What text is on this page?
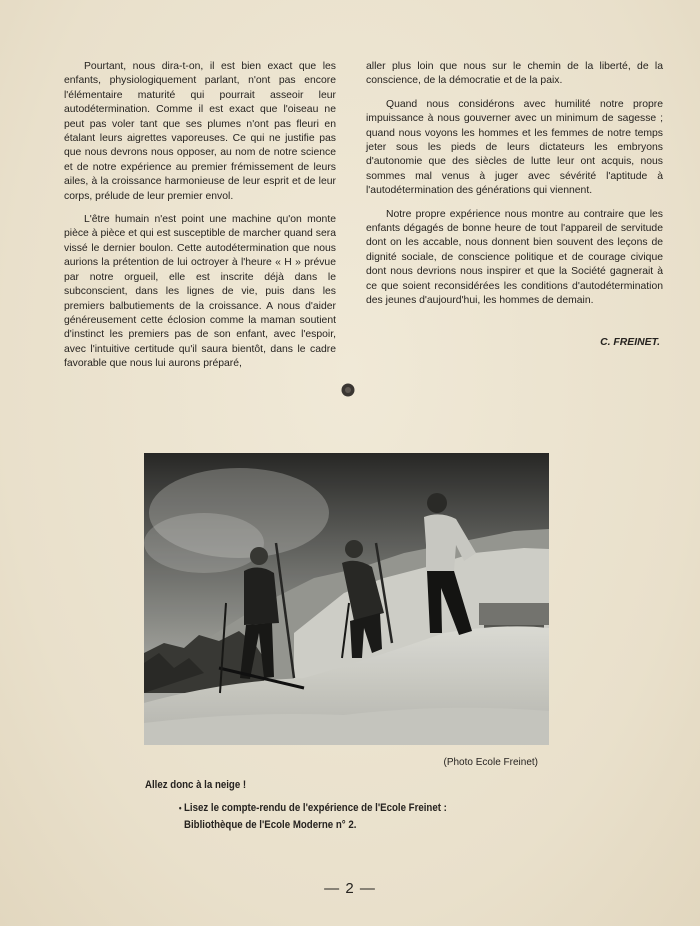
Pourtant, nous dira-t-on, il est bien exact que les enfants, physiologiquement parlant, n'ont pas encore l'élémentaire maturité qui pourrait asseoir leur autodétermination. Comme il est exact que l'oiseau ne peut pas voler tant que ses plumes n'ont pas fleuri en étalant leurs aigrettes vaporeuses. Ce qui ne justifie pas que nous devrons nous opposer, au nom de notre science et de notre expérience au premier frémissement de leurs ailes, à la croissance harmonieuse de leur esprit et de leur corps, prélude de leur premier envol.

L'être humain n'est point une machine qu'on monte pièce à pièce et qui est susceptible de marcher quand sera vissé le dernier boulon. Cette autodétermination que nous aurions la prétention de lui octroyer à l'heure « H » prévue par notre orgueil, elle est inscrite déjà dans le subconscient, dans les lignes de vie, puis dans les premiers balbutiements de la croissance. A nous d'aider généreusement cette éclosion comme la maman soutient d'instinct les premiers pas de son enfant, avec l'espoir, avec l'intuitive certitude qu'il saura bientôt, dans le cadre favorable que nous lui aurons préparé,

aller plus loin que nous sur le chemin de la liberté, de la conscience, de la démocratie et de la paix.

Quand nous considérons avec humilité notre propre impuissance à nous gouverner avec un minimum de sagesse ; quand nous voyons les hommes et les femmes de notre temps jeter sous les pieds de leurs dictateurs les embryons d'autonomie que des siècles de lutte leur ont acquis, nous sommes mal venus à juger avec sévérité l'aptitude à l'autodétermination des générations qui viennent.

Notre propre expérience nous montre au contraire que les enfants dégagés de bonne heure de tout l'appareil de servitude dont on les accable, nous donnent bien souvent des leçons de dignité sociale, de conscience politique et de courage civique dont nous devrions nous inspirer et que la Société gagnerait à ce que soient reconsidérées les conditions d'autodétermination des jeunes d'aujourd'hui, les hommes de demain.

C. FREINET.
(Photo Ecole Freinet)
Allez donc à la neige !
• Lisez le compte-rendu de l'expérience de l'Ecole Freinet :
Bibliothèque de l'Ecole Moderne n° 2.
— 2 —
